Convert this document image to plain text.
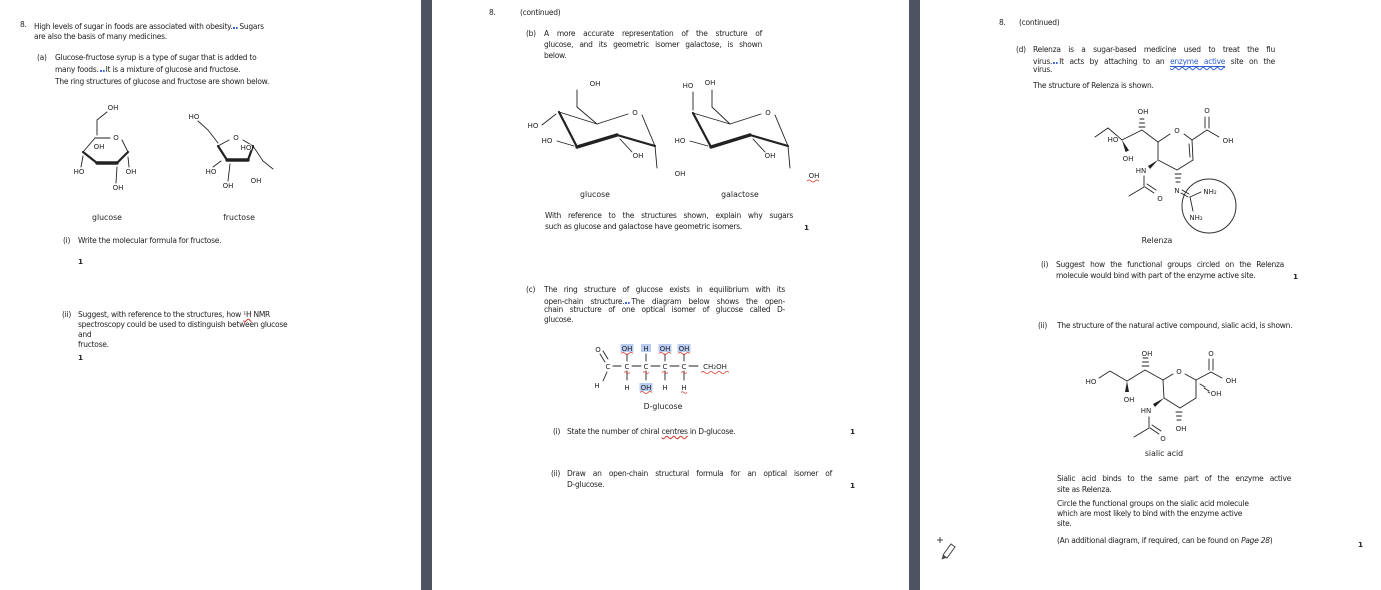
OH
O
OH
HO	OH
OH
glucose
HO
O
HO
HO
OH
OH
fructose
8. High levels of sugar in foods are associated with obesity. Sugars
are also the basis of many medicines.
(a) Glucose-fructose syrup is a type of sugar that is added to
many foods. It is a mixture of glucose and fructose.
The ring structures of glucose and fructose are shown below.
(i) Write the molecular formula for fructose.
1
(ii) Suggest, with reference to the structures, how ¹H NMR
spectroscopy could be used to distinguish between glucose
and
fructose.
1
OH
O
HO
HO
OH
OH
glucose
HO OH
O
HO
OH
OH
galactose
O
C
H
C C C C CH₂OH
OH H OH OH
H OH H H
D-glucose
8.	(continued)
(b) A more accurate representation of the structure of
glucose, and its geometric isomer galactose, is shown
below.
With reference to the structures shown, explain why sugars
such as glucose and galactose have geometric isomers.	1
(c) The ring structure of glucose exists in equilibrium with its
open-chain structure. The diagram below shows the open-
chain structure of one optical isomer of glucose called D-
glucose.
(i) State the number of chiral centres in D-glucose.	1
(ii) Draw an open-chain structural formula for an optical isomer of
D-glucose.	1
OH
HO
OH
O
O
OH
HN
O
N	NH₂
NH₂
Relenza
OH
HO
OH
O
O
OH
OH
HN
OH
O
sialic acid
8. (continued)
(d) Relenza is a sugar-based medicine used to treat the flu
virus. It acts by attaching to an enzyme active site on the
virus.
The structure of Relenza is shown.
(i) Suggest how the functional groups circled on the Relenza
molecule would bind with part of the enzyme active site.	1
(ii) The structure of the natural active compound, sialic acid, is shown.
Sialic acid binds to the same part of the enzyme active
site as Relenza.
Circle the functional groups on the sialic acid molecule
which are most likely to bind with the enzyme active
site.
(An additional diagram, if required, can be found on Page 28)	1
